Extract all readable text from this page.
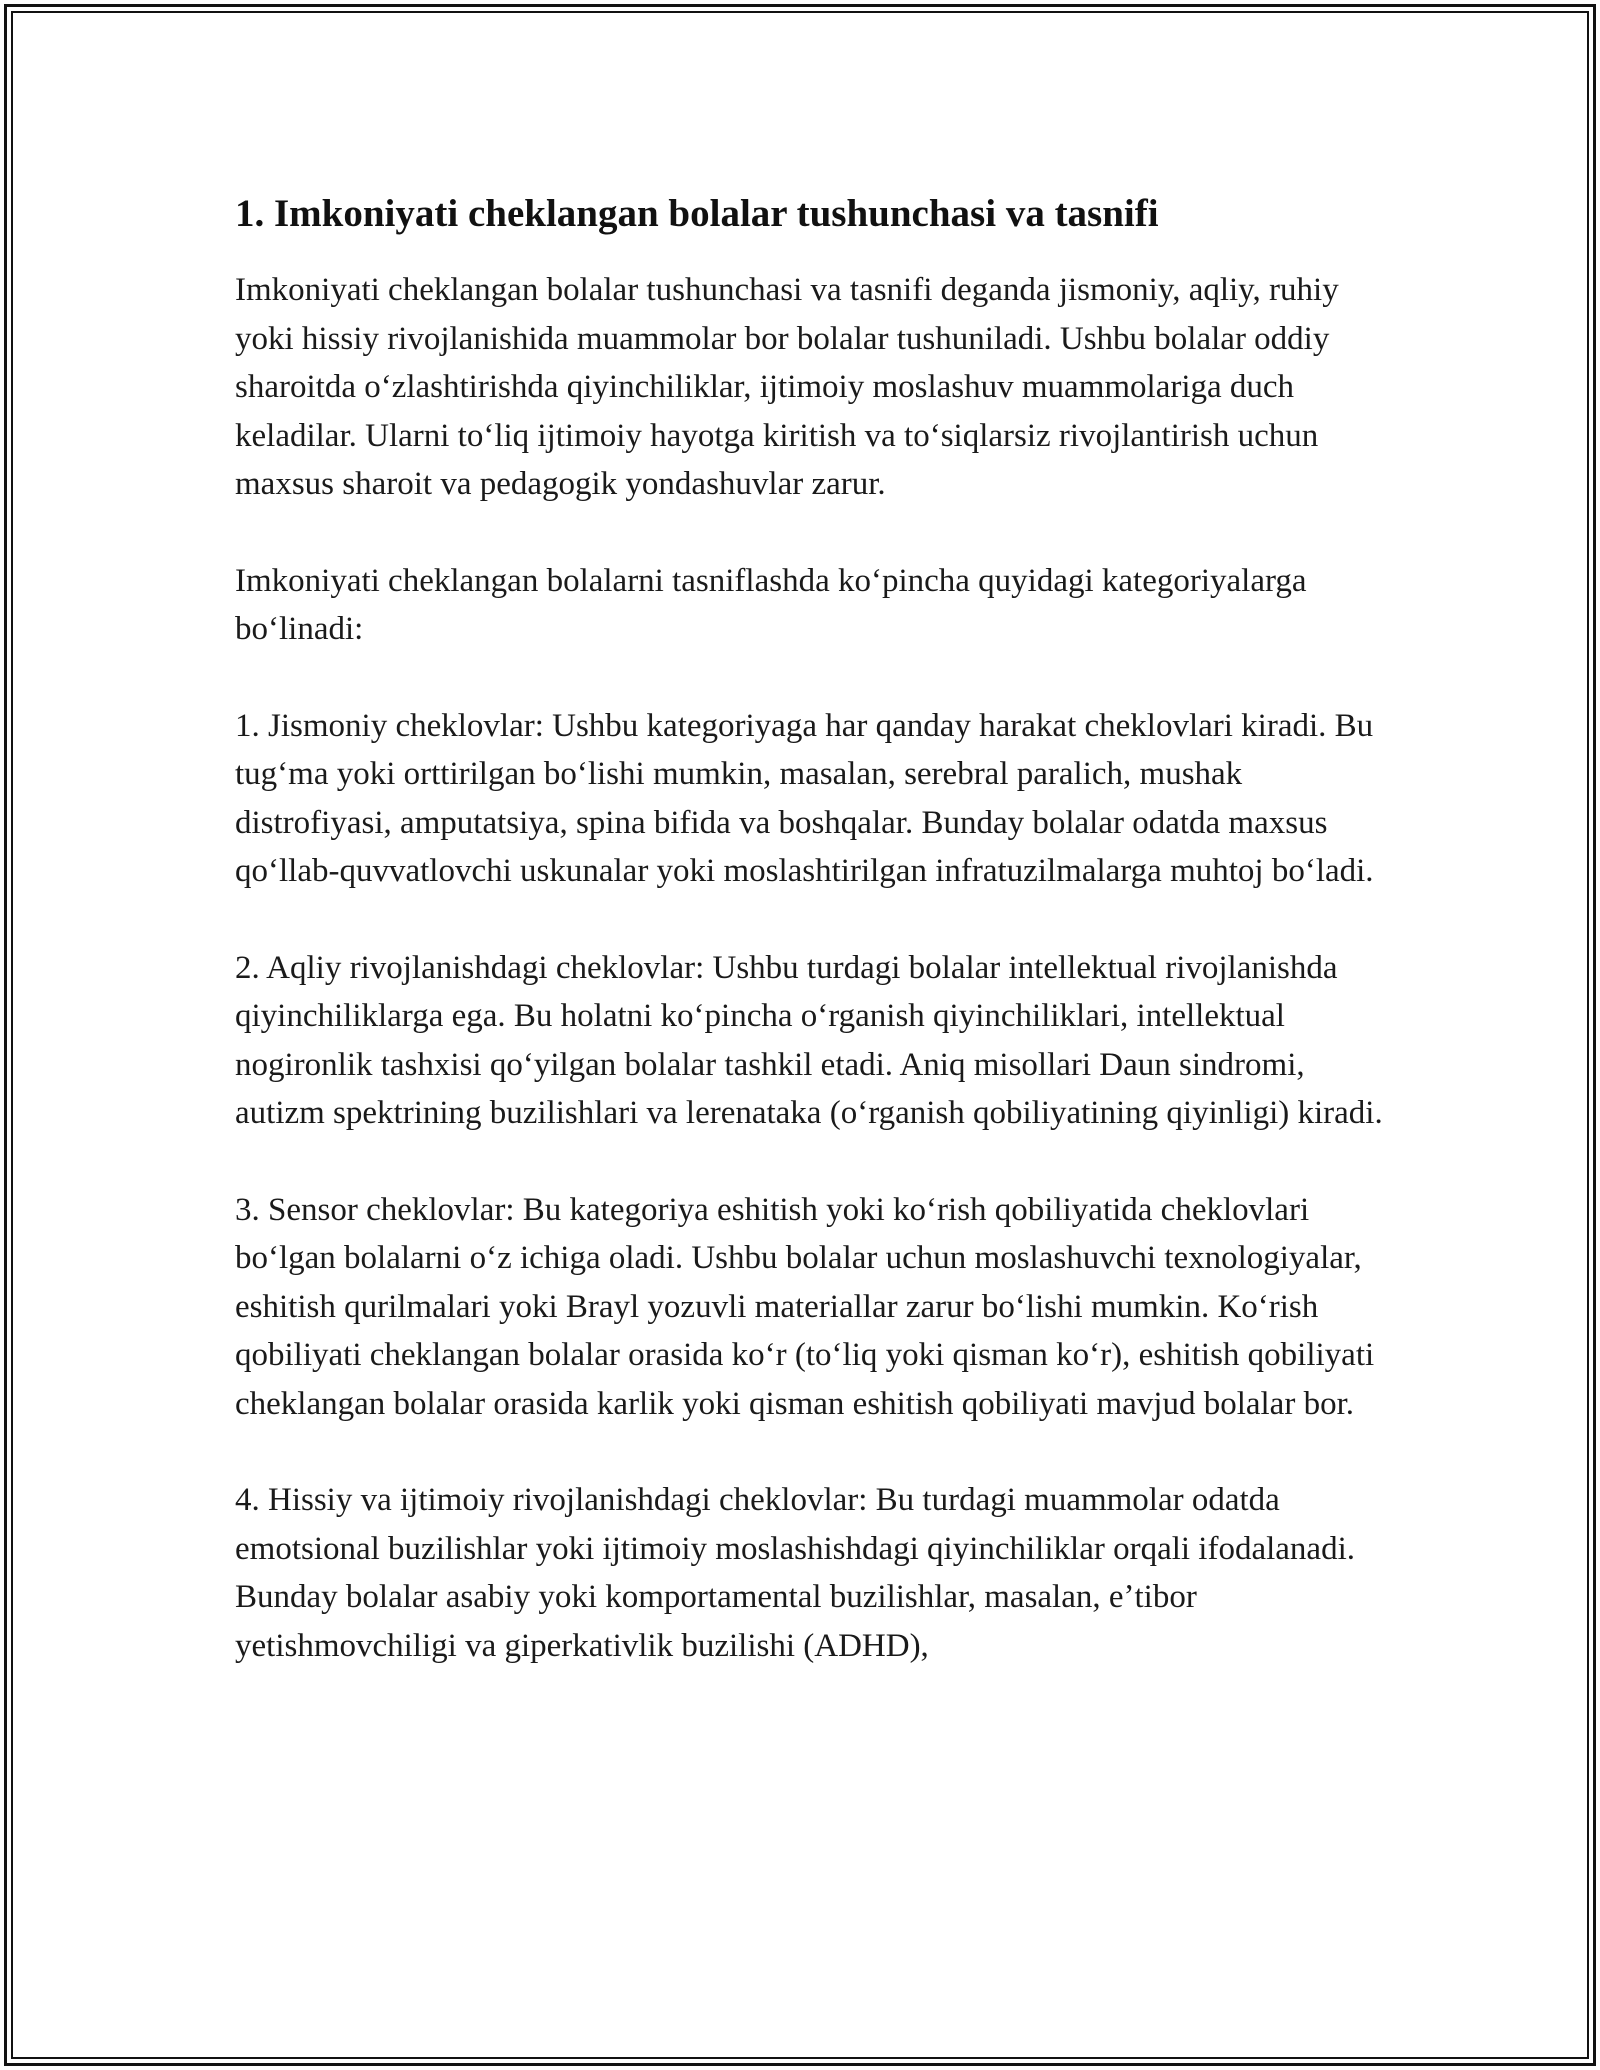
1. Imkoniyati cheklangan bolalar tushunchasi va tasnifi

Imkoniyati cheklangan bolalar tushunchasi va tasnifi deganda jismoniy, aqliy, ruhiy yoki hissiy rivojlanishida muammolar bor bolalar tushuniladi. Ushbu bolalar oddiy sharoitda oʻzlashtirishda qiyinchiliklar, ijtimoiy moslashuv muammolariga duch keladilar. Ularni toʻliq ijtimoiy hayotga kiritish va toʻsiqlarsiz rivojlantirish uchun maxsus sharoit va pedagogik yondashuvlar zarur.

Imkoniyati cheklangan bolalarni tasniflashda koʻpincha quyidagi kategoriyalarga boʻlinadi:

1. Jismoniy cheklovlar: Ushbu kategoriyaga har qanday harakat cheklovlari kiradi. Bu tugʻma yoki orttirilgan boʻlishi mumkin, masalan, serebral paralich, mushak distrofiyasi, amputatsiya, spina bifida va boshqalar. Bunday bolalar odatda maxsus qoʻllab-quvvatlovchi uskunalar yoki moslashtirilgan infratuzilmalarga muhtoj boʻladi.

2. Aqliy rivojlanishdagi cheklovlar: Ushbu turdagi bolalar intellektual rivojlanishda qiyinchiliklarga ega. Bu holatni koʻpincha oʻrganish qiyinchiliklari, intellektual nogironlik tashxisi qoʻyilgan bolalar tashkil etadi. Aniq misollari Daun sindromi, autizm spektrining buzilishlari va lerenataka (oʻrganish qobiliyatining qiyinligi) kiradi.

3. Sensor cheklovlar: Bu kategoriya eshitish yoki koʻrish qobiliyatida cheklovlari boʻlgan bolalarni oʻz ichiga oladi. Ushbu bolalar uchun moslashuvchi texnologiyalar, eshitish qurilmalari yoki Brayl yozuvli materiallar zarur boʻlishi mumkin. Koʻrish qobiliyati cheklangan bolalar orasida koʻr (toʻliq yoki qisman koʻr), eshitish qobiliyati cheklangan bolalar orasida karlik yoki qisman eshitish qobiliyati mavjud bolalar bor.

4. Hissiy va ijtimoiy rivojlanishdagi cheklovlar: Bu turdagi muammolar odatda emotsional buzilishlar yoki ijtimoiy moslashishdagi qiyinchiliklar orqali ifodalanadi. Bunday bolalar asabiy yoki komportamental buzilishlar, masalan, eʼtibor yetishmovchiligi va giperkativlik buzilishi (ADHD),
